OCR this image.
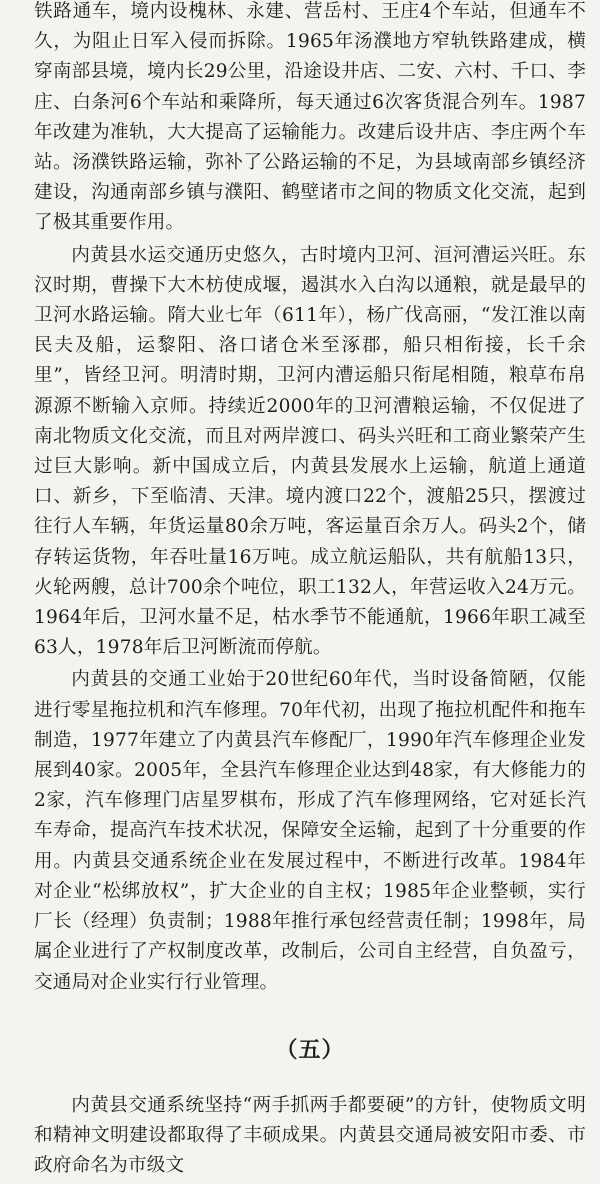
铁路通车，境内设槐林、永建、营岳村、王庄4个车站，但通车不久，为阻止日军入侵而拆除。1965年汤濮地方窄轨铁路建成，横穿南部县境，境内长29公里，沿途设井店、二安、六村、千口、李庄、白条河6个车站和乘降所，每天通过6次客货混合列车。1987年改建为准轨，大大提高了运输能力。改建后设井店、李庄两个车站。汤濮铁路运输，弥补了公路运输的不足，为县域南部乡镇经济建设，沟通南部乡镇与濮阳、鹤壁诸市之间的物质文化交流，起到了极其重要作用。

内黄县水运交通历史悠久，古时境内卫河、洹河漕运兴旺。东汉时期，曹操下大木枋使成堰，遏淇水入白沟以通粮，就是最早的卫河水路运输。隋大业七年（611年），杨广伐高丽，“发江淮以南民夫及船，运黎阳、洛口诸仓米至涿郡，船只相衔接，长千余里”，皆经卫河。明清时期，卫河内漕运船只衔尾相随，粮草布帛源源不断输入京师。持续近2000年的卫河漕粮运输，不仅促进了南北物质文化交流，而且对两岸渡口、码头兴旺和工商业繁荣产生过巨大影响。新中国成立后，内黄县发展水上运输，航道上通道口、新乡，下至临清、天津。境内渡口22个，渡船25只，摆渡过往行人车辆，年货运量80余万吨，客运量百余万人。码头2个，储存转运货物，年吞吐量16万吨。成立航运船队，共有航船13只，火轮两艘，总计700余个吨位，职工132人，年营运收入24万元。1964年后，卫河水量不足，枯水季节不能通航，1966年职工减至63人，1978年后卫河断流而停航。

内黄县的交通工业始于20世纪60年代，当时设备简陋，仅能进行零星拖拉机和汽车修理。70年代初，出现了拖拉机配件和拖车制造，1977年建立了内黄县汽车修配厂，1990年汽车修理企业发展到40家。2005年，全县汽车修理企业达到48家，有大修能力的2家，汽车修理门店星罗棋布，形成了汽车修理网络，它对延长汽车寿命，提高汽车技术状况，保障安全运输，起到了十分重要的作用。内黄县交通系统企业在发展过程中，不断进行改革。1984年对企业“松绑放权”，扩大企业的自主权；1985年企业整顿，实行厂长（经理）负责制；1988年推行承包经营责任制；1998年，局属企业进行了产权制度改革，改制后，公司自主经营，自负盈亏，交通局对企业实行行业管理。

（五）

内黄县交通系统坚持“两手抓两手都要硬”的方针，使物质文明和精神文明建设都取得了丰硕成果。内黄县交通局被安阳市委、市政府命名为市级文
